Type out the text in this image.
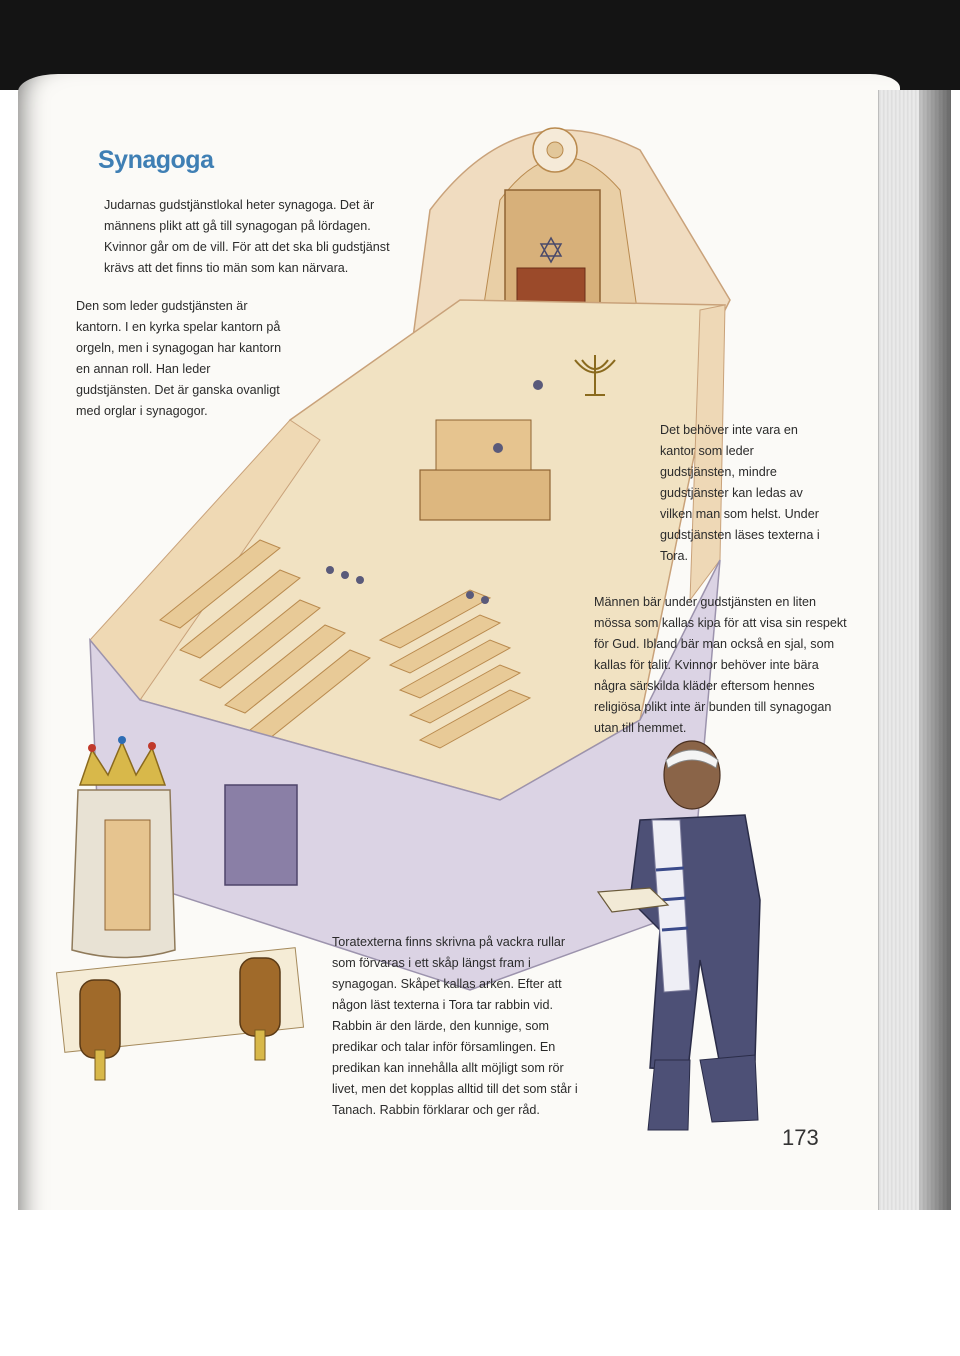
Synagoga

Judarnas gudstjänstlokal heter synagoga. Det är männens plikt att gå till synagogan på lördagen. Kvinnor går om de vill. För att det ska bli gudstjänst krävs att det finns tio män som kan närvara.

Den som leder gudstjänsten är kantorn. I en kyrka spelar kantorn på orgeln, men i synagogan har kantorn en annan roll. Han leder gudstjänsten. Det är ganska ovanligt med orglar i synagogor.

Det behöver inte vara en kantor som leder gudstjänsten, mindre gudstjänster kan ledas av vilken man som helst. Under gudstjänsten läses texterna i Tora.

Männen bär under gudstjänsten en liten mössa som kallas kipa för att visa sin respekt för Gud. Ibland bär man också en sjal, som kallas för talit. Kvinnor behöver inte bära några särskilda kläder eftersom hennes religiösa plikt inte är bunden till synagogan utan till hemmet.

Toratexterna finns skrivna på vackra rullar som förvaras i ett skåp längst fram i synagogan. Skåpet kallas arken. Efter att någon läst texterna i Tora tar rabbin vid. Rabbin är den lärde, den kunnige, som predikar och talar inför församlingen. En predikan kan innehålla allt möjligt som rör livet, men det kopplas alltid till det som står i Tanach. Rabbin förklarar och ger råd.

173
